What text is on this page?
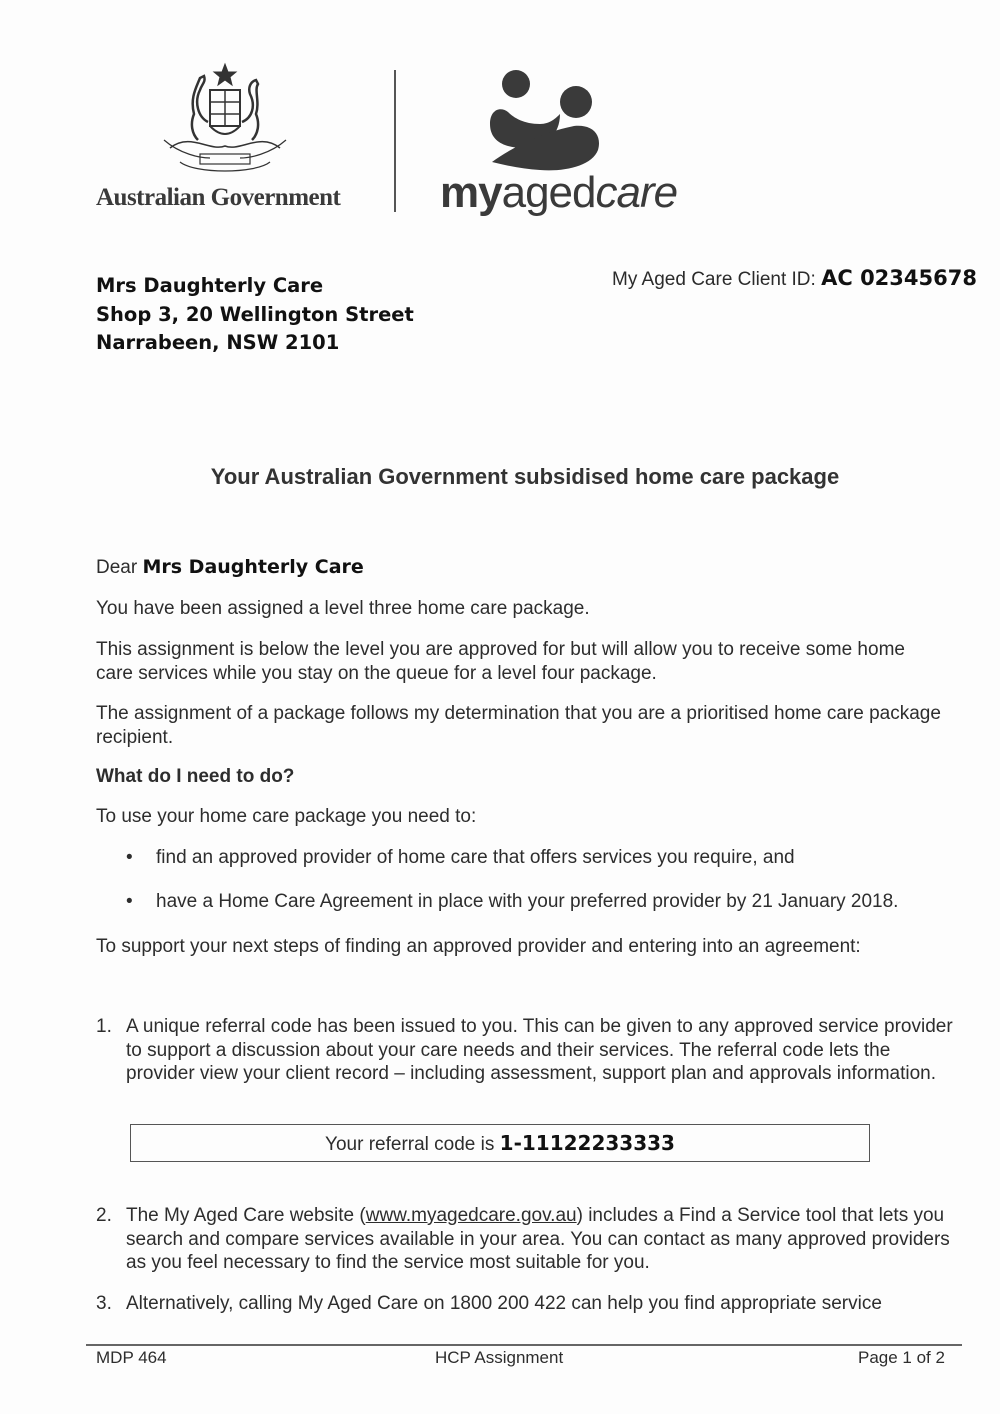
Australian Government myagedcare
Mrs Daughterly Care
Shop 3, 20 Wellington Street
Narrabeen, NSW 2101
My Aged Care Client ID: AC 02345678
Your Australian Government subsidised home care package
Dear Mrs Daughterly Care
You have been assigned a level three home care package.
This assignment is below the level you are approved for but will allow you to receive some home care services while you stay on the queue for a level four package.
The assignment of a package follows my determination that you are a prioritised home care package recipient.
What do I need to do?
To use your home care package you need to:
• find an approved provider of home care that offers services you require, and
• have a Home Care Agreement in place with your preferred provider by 21 January 2018.
To support your next steps of finding an approved provider and entering into an agreement:
1. A unique referral code has been issued to you. This can be given to any approved service provider to support a discussion about your care needs and their services. The referral code lets the provider view your client record – including assessment, support plan and approvals information.
Your referral code is 1-11122233333
2. The My Aged Care website (www.myagedcare.gov.au) includes a Find a Service tool that lets you search and compare services available in your area. You can contact as many approved providers as you feel necessary to find the service most suitable for you.
3. Alternatively, calling My Aged Care on 1800 200 422 can help you find appropriate service
MDP 464	HCP Assignment	Page 1 of 2
